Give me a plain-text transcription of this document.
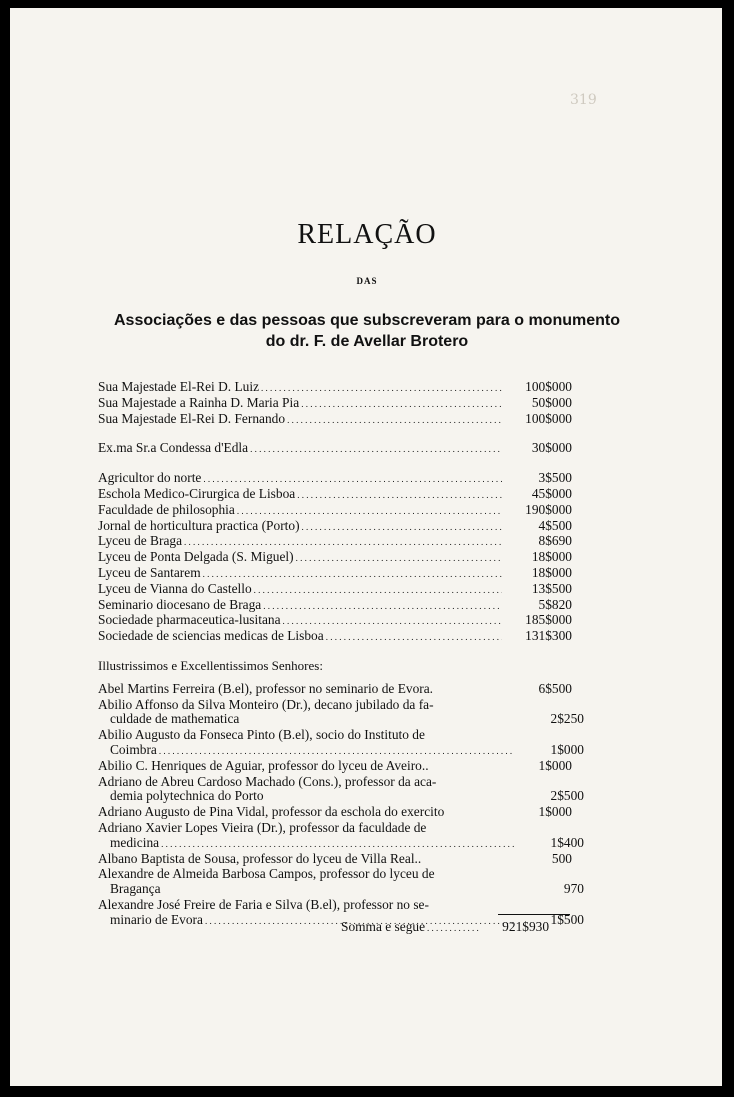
319
RELAÇÃO
DAS
Associações e das pessoas que subscreveram para o monumento
do dr. F. de Avellar Brotero
Sua Majestade El-Rei D. Luiz . . .	100$000
Sua Majestade a Rainha D. Maria Pia . . .	50$000
Sua Majestade El-Rei D. Fernando . . .	100$000
Ex.ma Sr.a Condessa d'Edla . . .	30$000
Agricultor do norte . . .	3$500
Eschola Medico-Cirurgica de Lisboa . . .	45$000
Faculdade de philosophia . . .	190$000
Jornal de horticultura practica (Porto) . . .	4$500
Lyceu de Braga . . .	8$690
Lyceu de Ponta Delgada (S. Miguel) . . .	18$000
Lyceu de Santarem . . .	18$000
Lyceu de Vianna do Castello . . .	13$500
Seminario diocesano de Braga . . .	5$820
Sociedade pharmaceutica-lusitana . . .	185$000
Sociedade de sciencias medicas de Lisboa . . .	131$300
Illustrissimos e Excellentissimos Senhores:
Abel Martins Ferreira (B.el), professor no seminario de Evora.	6$500
Abilio Affonso da Silva Monteiro (Dr.), decano jubilado da fa-
culdade de mathematica	2$250
Abilio Augusto da Fonseca Pinto (B.el), socio do Instituto de
Coimbra . . .	1$000
Abilio C. Henriques de Aguiar, professor do lyceu de Aveiro..	1$000
Adriano de Abreu Cardoso Machado (Cons.), professor da aca-
demia polytechnica do Porto	2$500
Adriano Augusto de Pina Vidal, professor da eschola do exercito	1$000
Adriano Xavier Lopes Vieira (Dr.), professor da faculdade de
medicina . . .	1$400
Albano Baptista de Sousa, professor do lyceu de Villa Real..	500
Alexandre de Almeida Barbosa Campos, professor do lyceu de
Bragança	970
Alexandre José Freire de Faria e Silva (B.el), professor no se-
minario de Evora . . .	1$500
Somma e segue . . .	921$930
